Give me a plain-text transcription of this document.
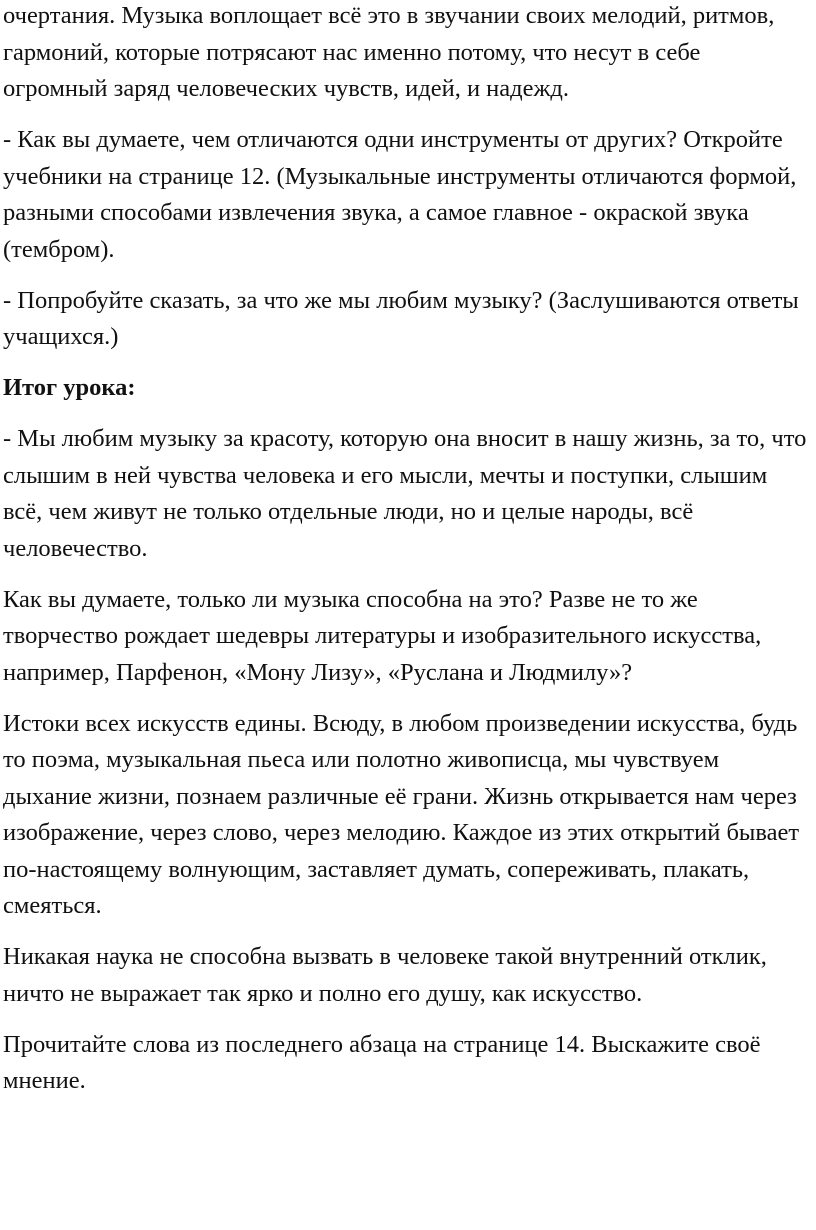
очертания. Музыка воплощает всё это в звучании своих мелодий, ритмов, гармоний, которые потрясают нас именно потому, что несут в себе огромный заряд человеческих чувств, идей, и надежд.

- Как вы думаете, чем отличаются одни инструменты от других? Откройте учебники на странице 12. (Музыкальные инструменты отличаются формой, разными способами извлечения звука, а самое главное - окраской звука (тембром).

- Попробуйте сказать, за что же мы любим музыку? (Заслушиваются ответы учащихся.)

Итог урока:

- Мы любим музыку за красоту, которую она вносит в нашу жизнь, за то, что слышим в ней чувства человека и его мысли, мечты и поступки, слышим всё, чем живут не только отдельные люди, но и целые народы, всё человечество.

Как вы думаете, только ли музыка способна на это? Разве не то же творчество рождает шедевры литературы и изобразительного искусства, например, Парфенон, «Мону Лизу», «Руслана и Людмилу»?

Истоки всех искусств едины. Всюду, в любом произведении искусства, будь то поэма, музыкальная пьеса или полотно живописца, мы чувствуем дыхание жизни, познаем различные её грани. Жизнь открывается нам через изображение, через слово, через мелодию. Каждое из этих открытий бывает по-настоящему волнующим, заставляет думать, сопереживать, плакать, смеяться.

Никакая наука не способна вызвать в человеке такой внутренний отклик, ничто не выражает так ярко и полно его душу, как искусство.

Прочитайте слова из последнего абзаца на странице 14. Выскажите своё мнение.
